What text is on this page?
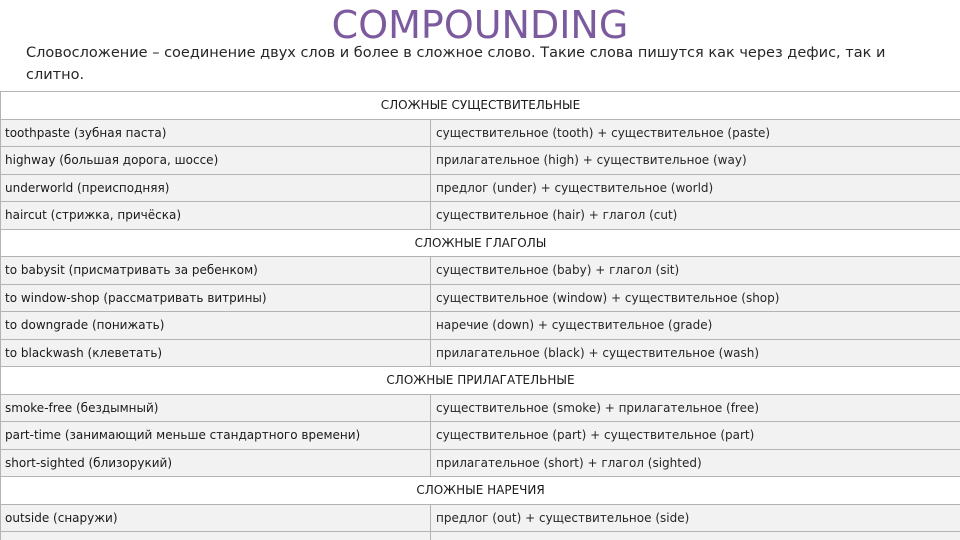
COMPOUNDING
Словосложение – соединение двух слов и более в сложное слово. Такие слова пишутся как через дефис, так и слитно.
СЛОЖНЫЕ СУЩЕСТВИТЕЛЬНЫЕ	
toothpaste (зубная паста)	существительное (tooth) + существительное (paste)
highway (большая дорога, шоссе)	прилагательное (high) + существительное (way)
underworld (преисподняя)	предлог (under) + существительное (world)
haircut (стрижка, причёска)	существительное (hair) + глагол (cut)
СЛОЖНЫЕ ГЛАГОЛЫ	
to babysit (присматривать за ребенком)	существительное (baby) + глагол (sit)
to window-shop (рассматривать витрины)	существительное (window) + существительное (shop)
to downgrade (понижать)	наречие (down) + существительное (grade)
to blackwash (клеветать)	прилагательное (black) + существительное (wash)
СЛОЖНЫЕ ПРИЛАГАТЕЛЬНЫЕ	
smoke-free (бездымный)	существительное (smoke) + прилагательное (free)
part-time (занимающий меньше стандартного времени)	существительное (part) + существительное (part)
short-sighted (близорукий)	прилагательное (short) + глагол (sighted)
СЛОЖНЫЕ НАРЕЧИЯ	
outside (снаружи)	предлог (out) + существительное (side)
